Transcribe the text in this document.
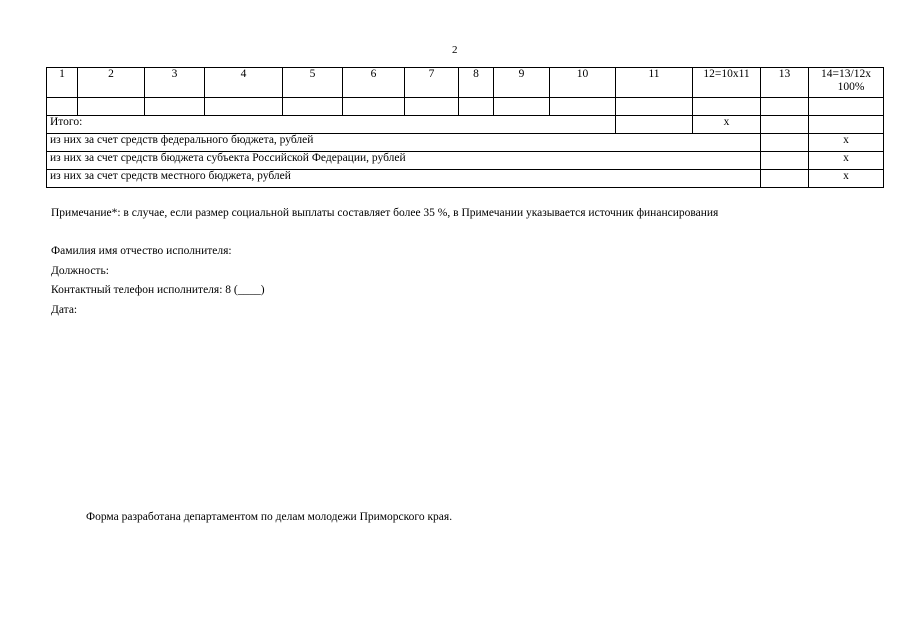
2
1	2	3	4	5	6	7	8	9	10	11	12=10x11	13	14=13/12x
100%

Итого:											x		
из них за счет средств федерального бюджета, рублей													x
из них за счет средств бюджета субъекта Российской Федерации, рублей													x
из них за счет средств местного бюджета, рублей													x
Примечание*: в случае, если размер социальной выплаты составляет более 35 %, в Примечании указывается источник финансирования
Фамилия имя отчество исполнителя:
Должность:
Контактный телефон исполнителя: 8 (____)
Дата:
Форма разработана департаментом по делам молодежи Приморского края.
